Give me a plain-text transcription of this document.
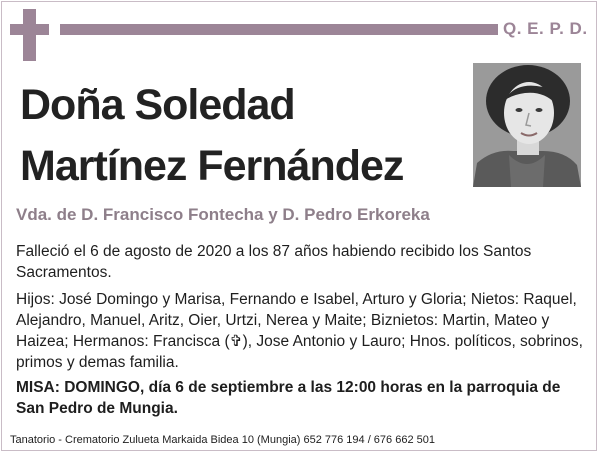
Q. E. P. D.
Doña Soledad
Martínez Fernández
Vda. de D. Francisco Fontecha y D. Pedro Erkoreka
Falleció el 6 de agosto de 2020 a los 87 años habiendo recibido los Santos Sacramentos.
Hijos: José Domingo y Marisa, Fernando e Isabel, Arturo y Gloria; Nietos: Raquel, Alejandro, Manuel, Aritz, Oier, Urtzi, Nerea y Maite; Biznietos: Martin, Mateo y Haizea; Hermanos: Francisca (✞), Jose Antonio y Lauro; Hnos. políticos, sobrinos, primos y demas familia.
MISA: DOMINGO, día 6 de septiembre a las 12:00 horas en la parroquia de San Pedro de Mungia.
Tanatorio - Crematorio Zulueta Markaida Bidea 10 (Mungia) 652 776 194 / 676 662 501
